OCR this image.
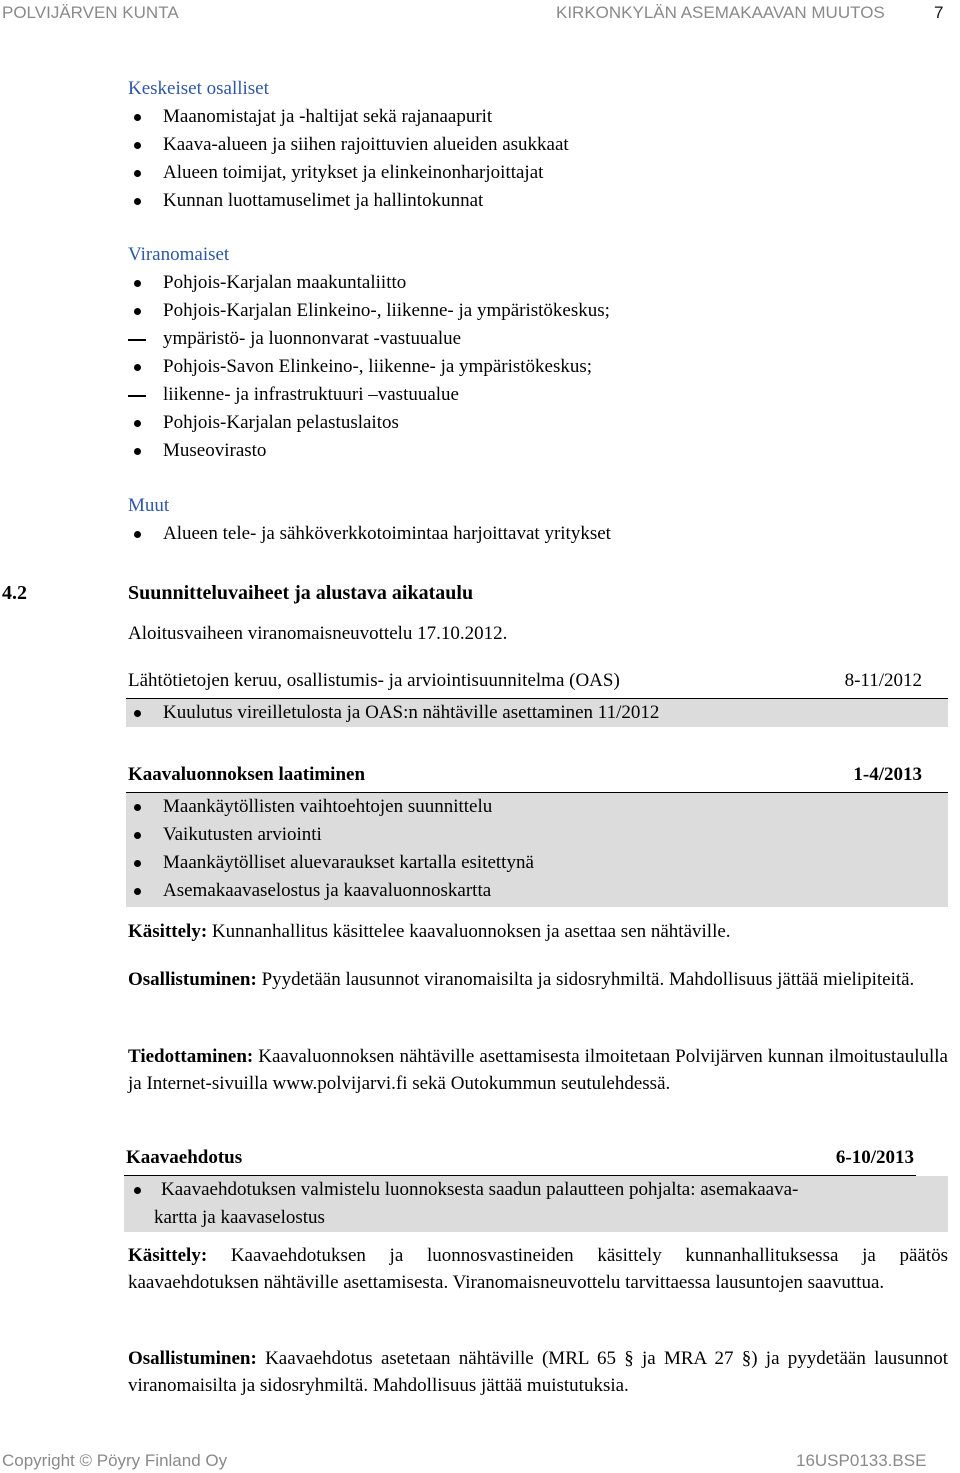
POLVIJÄRVEN KUNTA	KIRKONKYLÄN ASEMAKAAVAN MUUTOS	7
Keskeiset osalliset
Maanomistajat ja -haltijat sekä rajanaapurit
Kaava-alueen ja siihen rajoittuvien alueiden asukkaat
Alueen toimijat, yritykset ja elinkeinonharjoittajat
Kunnan luottamuselimet ja hallintokunnat
Viranomaiset
Pohjois-Karjalan maakuntaliitto
Pohjois-Karjalan Elinkeino-, liikenne- ja ympäristökeskus;
ympäristö- ja luonnonvarat -vastuualue
Pohjois-Savon Elinkeino-, liikenne- ja ympäristökeskus;
liikenne- ja infrastruktuuri –vastuualue
Pohjois-Karjalan pelastuslaitos
Museovirasto
Muut
Alueen tele- ja sähköverkkotoimintaa harjoittavat yritykset
4.2	Suunnitteluvaiheet ja alustava aikataulu
Aloitusvaiheen viranomaisneuvottelu 17.10.2012.
Lähtötietojen keruu, osallistumis- ja arviointisuunnitelma (OAS)	8-11/2012
Kuulutus vireilletulosta ja OAS:n nähtäville asettaminen 11/2012
Kaavaluonnoksen laatiminen	1-4/2013
Maankäytöllisten vaihtoehtojen suunnittelu
Vaikutusten arviointi
Maankäytölliset aluevaraukset kartalla esitettynä
Asemakaavaselostus ja kaavaluonnoskartta

Käsittely: Kunnanhallitus käsittelee kaavaluonnoksen ja asettaa sen nähtäville.

Osallistuminen: Pyydetään lausunnot viranomaisilta ja sidosryhmiltä. Mahdollisuus jättää mielipiteitä.

Tiedottaminen: Kaavaluonnoksen nähtäville asettamisesta ilmoitetaan Polvijärven kunnan ilmoitustaululla ja Internet-sivuilla www.polvijarvi.fi sekä Outokummun seutulehdessä.

Kaavaehdotus	6-10/2013
Kaavaehdotuksen valmistelu luonnoksesta saadun palautteen pohjalta: asemakaava-
kartta ja kaavaselostus

Käsittely: Kaavaehdotuksen ja luonnosvastineiden käsittely kunnanhallituksessa ja päätös kaavaehdotuksen nähtäville asettamisesta. Viranomaisneuvottelu tarvittaessa lausuntojen saavuttua.

Osallistuminen: Kaavaehdotus asetetaan nähtäville (MRL 65 § ja MRA 27 §) ja pyydetään lausunnot viranomaisilta ja sidosryhmiltä. Mahdollisuus jättää muistutuksia.

Copyright © Pöyry Finland Oy	16USP0133.BSE
